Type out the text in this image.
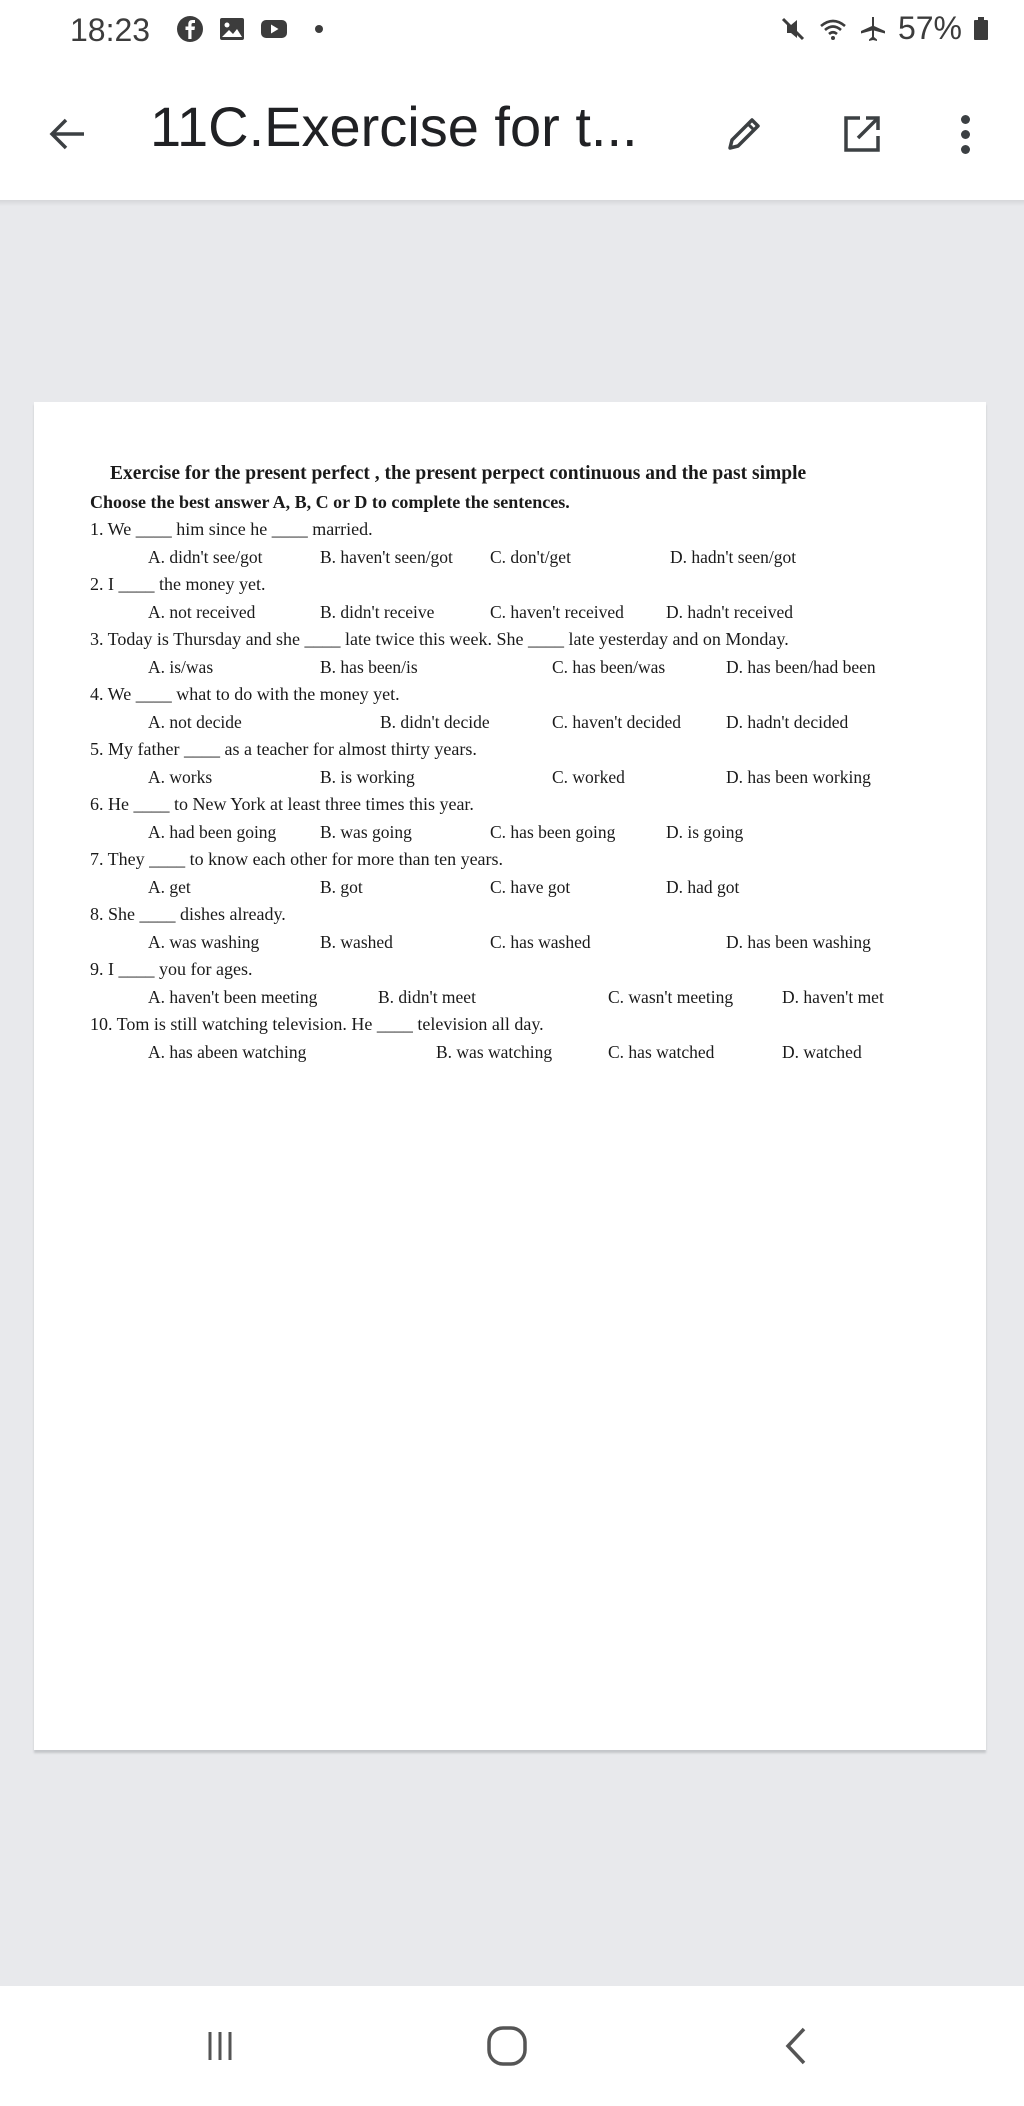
18:23	57%
11C.Exercise for t...
Exercise for the present perfect , the present perpect continuous and the past simple
Choose the best answer A, B, C or D to complete the sentences.
1. We ____ him since he ____ married.
A. didn't see/got	B. haven't seen/got C. don't/get	D. hadn't seen/got
2. I ____ the money yet.
A. not received	B. didn't receive	C. haven't received D. hadn't received
3. Today is Thursday and she ____ late twice this week. She ____ late yesterday and on Monday.
A. is/was	B. has been/is	C. has been/was	D. has been/had been
4. We ____ what to do with the money yet.
A. not decide	B. didn't decide	C. haven't decided	D. hadn't decided
5. My father ____ as a teacher for almost thirty years.
A. works	B. is working	C. worked	D. has been working
6. He ____ to New York at least three times this year.
A. had been going B. was going	C. has been going	D. is going
7. They ____ to know each other for more than ten years.
A. get	B. got	C. have got	D. had got
8. She ____ dishes already.
A. was washing	B. washed	C. has washed	D. has been washing
9. I ____ you for ages.
A. haven't been meeting	B. didn't meet	C. wasn't meeting	D. haven't met
10. Tom is still watching television. He ____ television all day.
A. has abeen watching	B. was watching	C. has watched	D. watched
